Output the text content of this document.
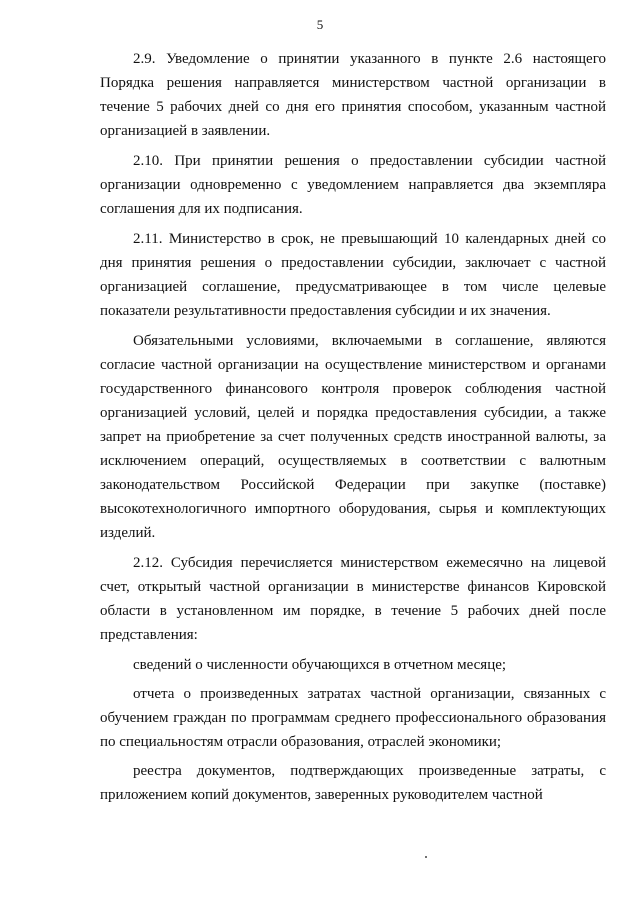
5

2.9. Уведомление о принятии указанного в пункте 2.6 настоящего Порядка решения направляется министерством частной организации в течение 5 рабочих дней со дня его принятия способом, указанным частной организацией в заявлении.

2.10. При принятии решения о предоставлении субсидии частной организации одновременно с уведомлением направляется два экземпляра соглашения для их подписания.

2.11. Министерство в срок, не превышающий 10 календарных дней со дня принятия решения о предоставлении субсидии, заключает с частной организацией соглашение, предусматривающее в том числе целевые показатели результативности предоставления субсидии и их значения.

Обязательными условиями, включаемыми в соглашение, являются согласие частной организации на осуществление министерством и органами государственного финансового контроля проверок соблюдения частной организацией условий, целей и порядка предоставления субсидии, а также запрет на приобретение за счет полученных средств иностранной валюты, за исключением операций, осуществляемых в соответствии с валютным законодательством Российской Федерации при закупке (поставке) высокотехнологичного импортного оборудования, сырья и комплектующих изделий.

2.12. Субсидия перечисляется министерством ежемесячно на лицевой счет, открытый частной организации в министерстве финансов Кировской области в установленном им порядке, в течение 5 рабочих дней после представления:

сведений о численности обучающихся в отчетном месяце;

отчета о произведенных затратах частной организации, связанных с обучением граждан по программам среднего профессионального образования по специальностям отрасли образования, отраслей экономики;

реестра документов, подтверждающих произведенные затраты, с приложением копий документов, заверенных руководителем частной
